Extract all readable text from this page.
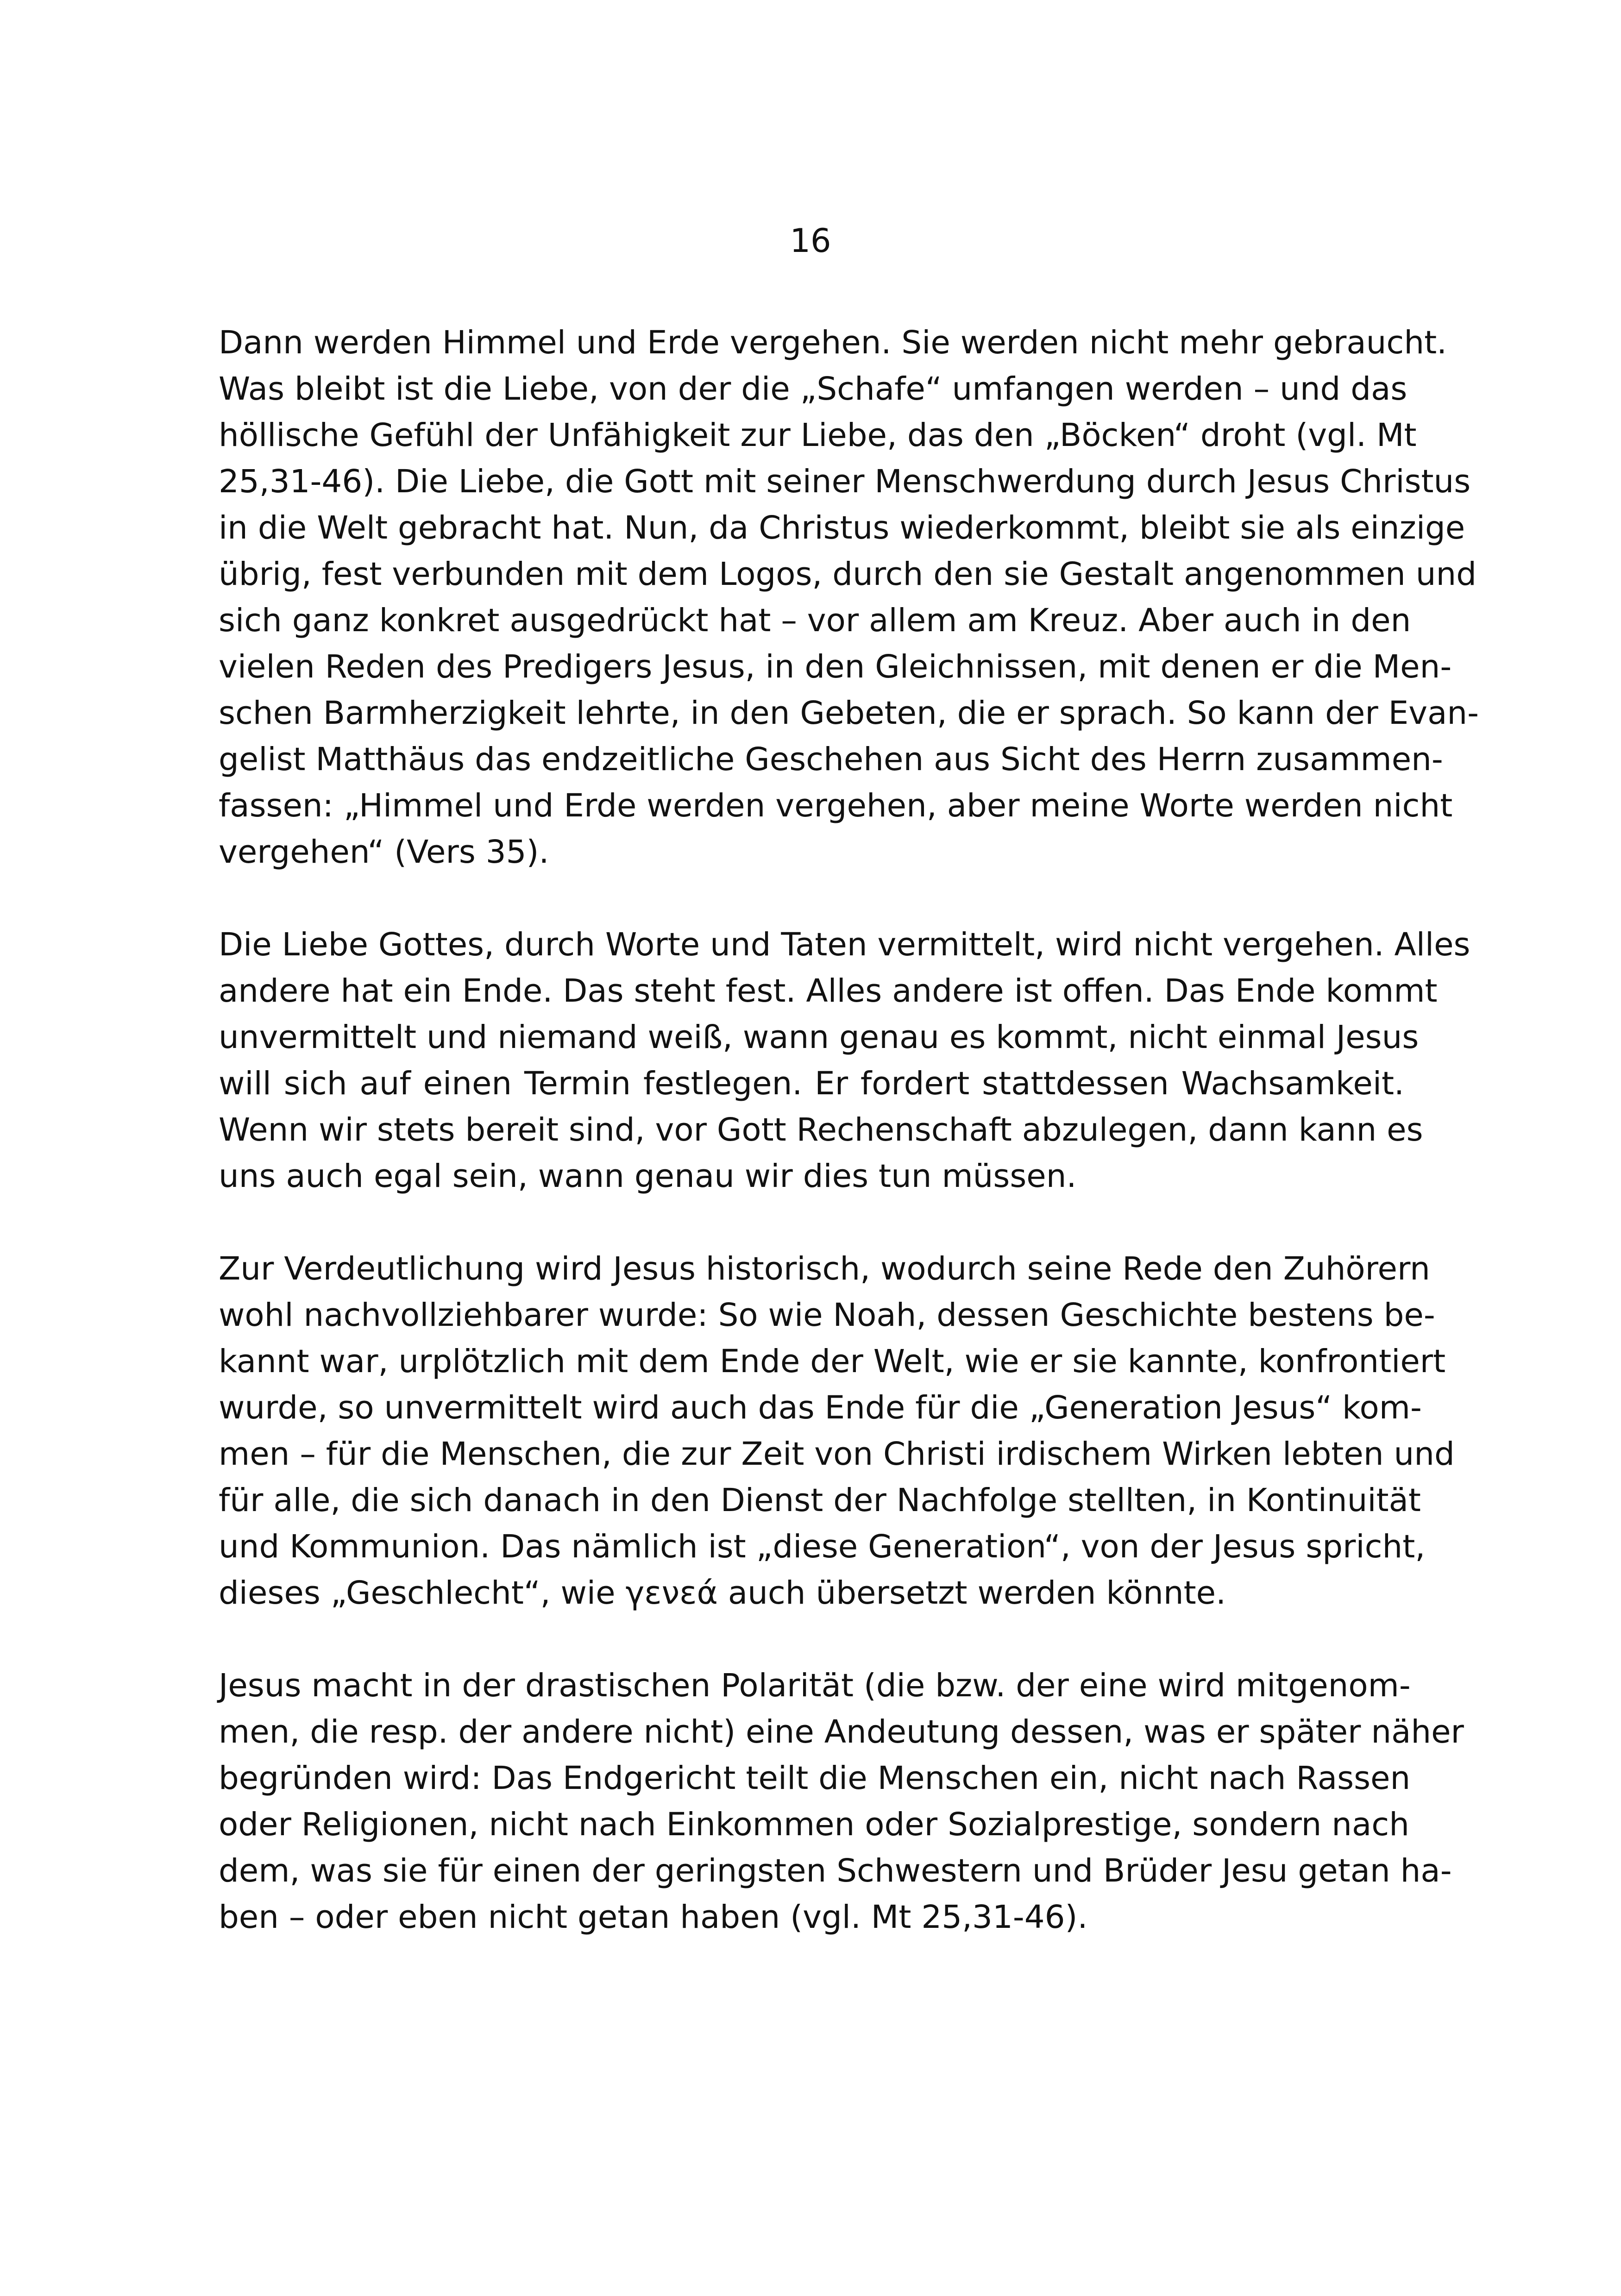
16
Dann werden Himmel und Erde vergehen. Sie werden nicht mehr gebraucht.
Was bleibt ist die Liebe, von der die „Schafe“ umfangen werden – und das
höllische Gefühl der Unfähigkeit zur Liebe, das den „Böcken“ droht (vgl. Mt
25,31-46). Die Liebe, die Gott mit seiner Menschwerdung durch Jesus Christus
in die Welt gebracht hat. Nun, da Christus wiederkommt, bleibt sie als einzige
übrig, fest verbunden mit dem Logos, durch den sie Gestalt angenommen und
sich ganz konkret ausgedrückt hat – vor allem am Kreuz. Aber auch in den
vielen Reden des Predigers Jesus, in den Gleichnissen, mit denen er die Men-
schen Barmherzigkeit lehrte, in den Gebeten, die er sprach. So kann der Evan-
gelist Matthäus das endzeitliche Geschehen aus Sicht des Herrn zusammen-
fassen: „Himmel und Erde werden vergehen, aber meine Worte werden nicht
vergehen“ (Vers 35).
Die Liebe Gottes, durch Worte und Taten vermittelt, wird nicht vergehen. Alles
andere hat ein Ende. Das steht fest. Alles andere ist offen. Das Ende kommt
unvermittelt und niemand weiß, wann genau es kommt, nicht einmal Jesus
will sich auf einen Termin festlegen. Er fordert stattdessen Wachsamkeit.
Wenn wir stets bereit sind, vor Gott Rechenschaft abzulegen, dann kann es
uns auch egal sein, wann genau wir dies tun müssen.
Zur Verdeutlichung wird Jesus historisch, wodurch seine Rede den Zuhörern
wohl nachvollziehbarer wurde: So wie Noah, dessen Geschichte bestens be-
kannt war, urplötzlich mit dem Ende der Welt, wie er sie kannte, konfrontiert
wurde, so unvermittelt wird auch das Ende für die „Generation Jesus“ kom-
men – für die Menschen, die zur Zeit von Christi irdischem Wirken lebten und
für alle, die sich danach in den Dienst der Nachfolge stellten, in Kontinuität
und Kommunion. Das nämlich ist „diese Generation“, von der Jesus spricht,
dieses „Geschlecht“, wie γενεά auch übersetzt werden könnte.
Jesus macht in der drastischen Polarität (die bzw. der eine wird mitgenom-
men, die resp. der andere nicht) eine Andeutung dessen, was er später näher
begründen wird: Das Endgericht teilt die Menschen ein, nicht nach Rassen
oder Religionen, nicht nach Einkommen oder Sozialprestige, sondern nach
dem, was sie für einen der geringsten Schwestern und Brüder Jesu getan ha-
ben – oder eben nicht getan haben (vgl. Mt 25,31-46).
